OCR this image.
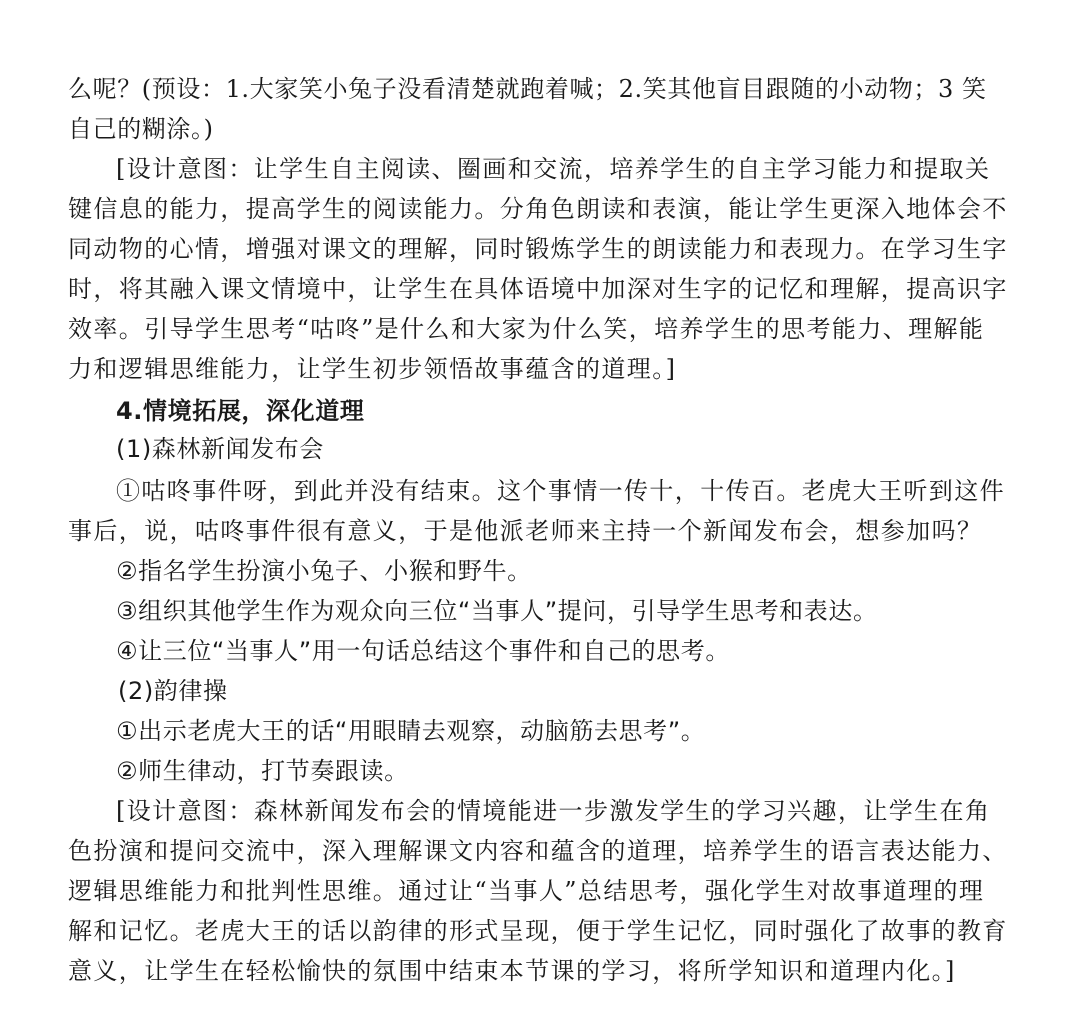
么呢？(预设：1.大家笑小兔子没看清楚就跑着喊；2.笑其他盲目跟随的小动物；3 笑
自己的糊涂。)
[设计意图：让学生自主阅读、圈画和交流，培养学生的自主学习能力和提取关
键信息的能力，提高学生的阅读能力。分角色朗读和表演，能让学生更深入地体会不
同动物的心情，增强对课文的理解，同时锻炼学生的朗读能力和表现力。在学习生字
时，将其融入课文情境中，让学生在具体语境中加深对生字的记忆和理解，提高识字
效率。引导学生思考“咕咚”是什么和大家为什么笑，培养学生的思考能力、理解能
力和逻辑思维能力，让学生初步领悟故事蕴含的道理。]
4.情境拓展，深化道理
(1)森林新闻发布会
①咕咚事件呀，到此并没有结束。这个事情一传十，十传百。老虎大王听到这件
事后，说，咕咚事件很有意义，于是他派老师来主持一个新闻发布会，想参加吗？
②指名学生扮演小兔子、小猴和野牛。
③组织其他学生作为观众向三位“当事人”提问，引导学生思考和表达。
④让三位“当事人”用一句话总结这个事件和自己的思考。
(2)韵律操
①出示老虎大王的话“用眼睛去观察，动脑筋去思考”。
②师生律动，打节奏跟读。
[设计意图：森林新闻发布会的情境能进一步激发学生的学习兴趣，让学生在角
色扮演和提问交流中，深入理解课文内容和蕴含的道理，培养学生的语言表达能力、
逻辑思维能力和批判性思维。通过让“当事人”总结思考，强化学生对故事道理的理
解和记忆。老虎大王的话以韵律的形式呈现，便于学生记忆，同时强化了故事的教育
意义，让学生在轻松愉快的氛围中结束本节课的学习，将所学知识和道理内化。]
